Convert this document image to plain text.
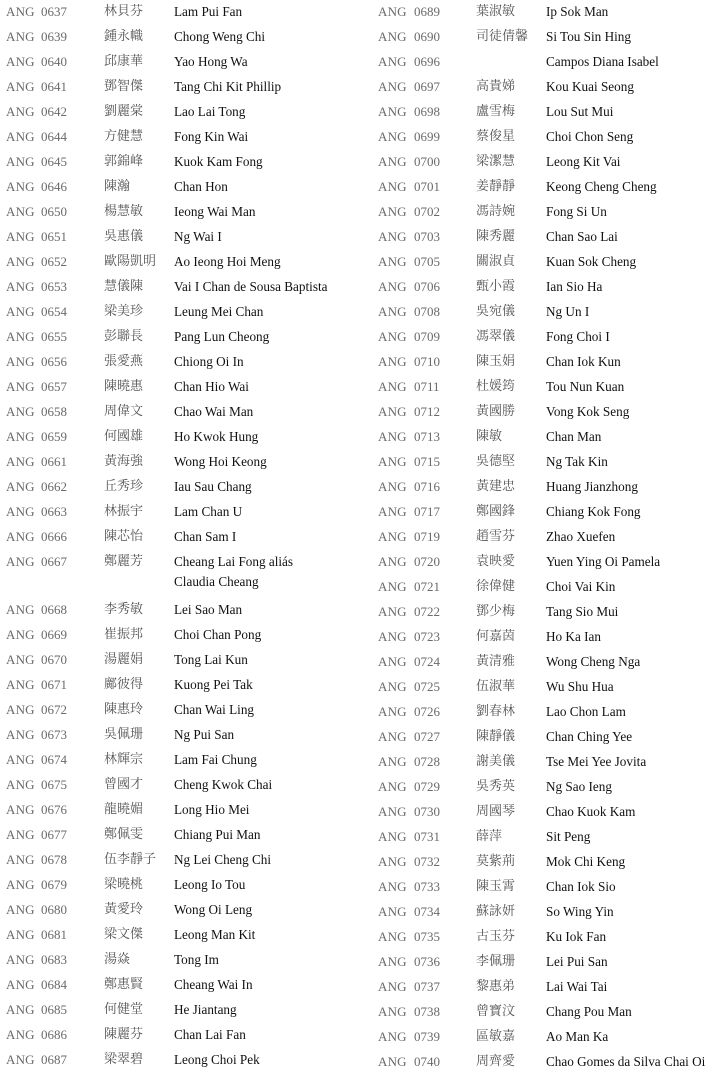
ANG 0637	林貝芬 Lam Pui Fan
ANG 0639	鍾永幟 Chong Weng Chi
ANG 0640	邱康華 Yao Hong Wa
ANG 0641	鄧智傑 Tang Chi Kit Phillip
ANG 0642	劉麗棠 Lao Lai Tong
ANG 0644	方健慧 Fong Kin Wai
ANG 0645	郭錦峰 Kuok Kam Fong
ANG 0646	陳瀚	Chan Hon
ANG 0650	楊慧敏 Ieong Wai Man
ANG 0651	吳惠儀 Ng Wai I
ANG 0652	歐陽凱明 Ao Ieong Hoi Meng
ANG 0653	慧儀陳 Vai I Chan de Sousa Baptista
ANG 0654	梁美珍 Leung Mei Chan
ANG 0655	彭聯長 Pang Lun Cheong
ANG 0656	張愛燕 Chiong Oi In
ANG 0657	陳曉惠 Chan Hio Wai
ANG 0658	周偉文 Chao Wai Man
ANG 0659	何國雄 Ho Kwok Hung
ANG 0661	黃海強 Wong Hoi Keong
ANG 0662	丘秀珍 Iau Sau Chang
ANG 0663	林振宇 Lam Chan U
ANG 0666	陳芯怡 Chan Sam I
ANG 0667	鄭麗芳 Cheang Lai Fong aliás
Claudia Cheang
ANG 0668	李秀敏 Lei Sao Man
ANG 0669	崔振邦 Choi Chan Pong
ANG 0670	湯麗娟 Tong Lai Kun
ANG 0671	鄺彼得 Kuong Pei Tak
ANG 0672	陳惠玲 Chan Wai Ling
ANG 0673	吳佩珊 Ng Pui San
ANG 0674	林輝宗 Lam Fai Chung
ANG 0675	曾國才 Cheng Kwok Chai
ANG 0676	龍曉媚 Long Hio Mei
ANG 0677	鄭佩雯 Chiang Pui Man
ANG 0678	伍李靜子 Ng Lei Cheng Chi
ANG 0679	梁曉桃 Leong Io Tou
ANG 0680	黃愛玲 Wong Oi Leng
ANG 0681	梁文傑 Leong Man Kit
ANG 0683	湯焱	Tong Im
ANG 0684	鄭惠賢 Cheang Wai In
ANG 0685	何健堂 He Jiantang
ANG 0686	陳麗芬 Chan Lai Fan
ANG 0687	梁翠碧 Leong Choi Pek
ANG 0689	葉淑敏 Ip Sok Man
ANG 0690	司徒倩馨 Si Tou Sin Hing
ANG 0696	Campos Diana Isabel
ANG 0697	高貴娣 Kou Kuai Seong
ANG 0698	盧雪梅 Lou Sut Mui
ANG 0699	蔡俊星 Choi Chon Seng
ANG 0700	梁潔慧 Leong Kit Vai
ANG 0701	姜靜靜 Keong Cheng Cheng
ANG 0702	馮詩婉 Fong Si Un
ANG 0703	陳秀麗 Chan Sao Lai
ANG 0705	關淑貞 Kuan Sok Cheng
ANG 0706	甄小霞 Ian Sio Ha
ANG 0708	吳宛儀 Ng Un I
ANG 0709	馮翠儀 Fong Choi I
ANG 0710	陳玉娟 Chan Iok Kun
ANG 0711	杜媛筠 Tou Nun Kuan
ANG 0712	黃國勝 Vong Kok Seng
ANG 0713	陳敏	Chan Man
ANG 0715	吳德堅 Ng Tak Kin
ANG 0716	黃建忠 Huang Jianzhong
ANG 0717	鄭國鋒 Chiang Kok Fong
ANG 0719	趙雪芬 Zhao Xuefen
ANG 0720	袁映愛 Yuen Ying Oi Pamela
ANG 0721	徐偉健 Choi Vai Kin
ANG 0722	鄧少梅 Tang Sio Mui
ANG 0723	何嘉茵 Ho Ka Ian
ANG 0724	黃清雅 Wong Cheng Nga
ANG 0725	伍淑華 Wu Shu Hua
ANG 0726	劉春林 Lao Chon Lam
ANG 0727	陳靜儀 Chan Ching Yee
ANG 0728	謝美儀 Tse Mei Yee Jovita
ANG 0729	吳秀英 Ng Sao Ieng
ANG 0730	周國琴 Chao Kuok Kam
ANG 0731	薛萍	Sit Peng
ANG 0732	莫紫荊 Mok Chi Keng
ANG 0733	陳玉霄 Chan Iok Sio
ANG 0734	蘇詠妍 So Wing Yin
ANG 0735	古玉芬 Ku Iok Fan
ANG 0736	李佩珊 Lei Pui San
ANG 0737	黎惠弟 Lai Wai Tai
ANG 0738	曾寶汶 Chang Pou Man
ANG 0739	區敏嘉 Ao Man Ka
ANG 0740	周齊愛 Chao Gomes da Silva Chai Oi
